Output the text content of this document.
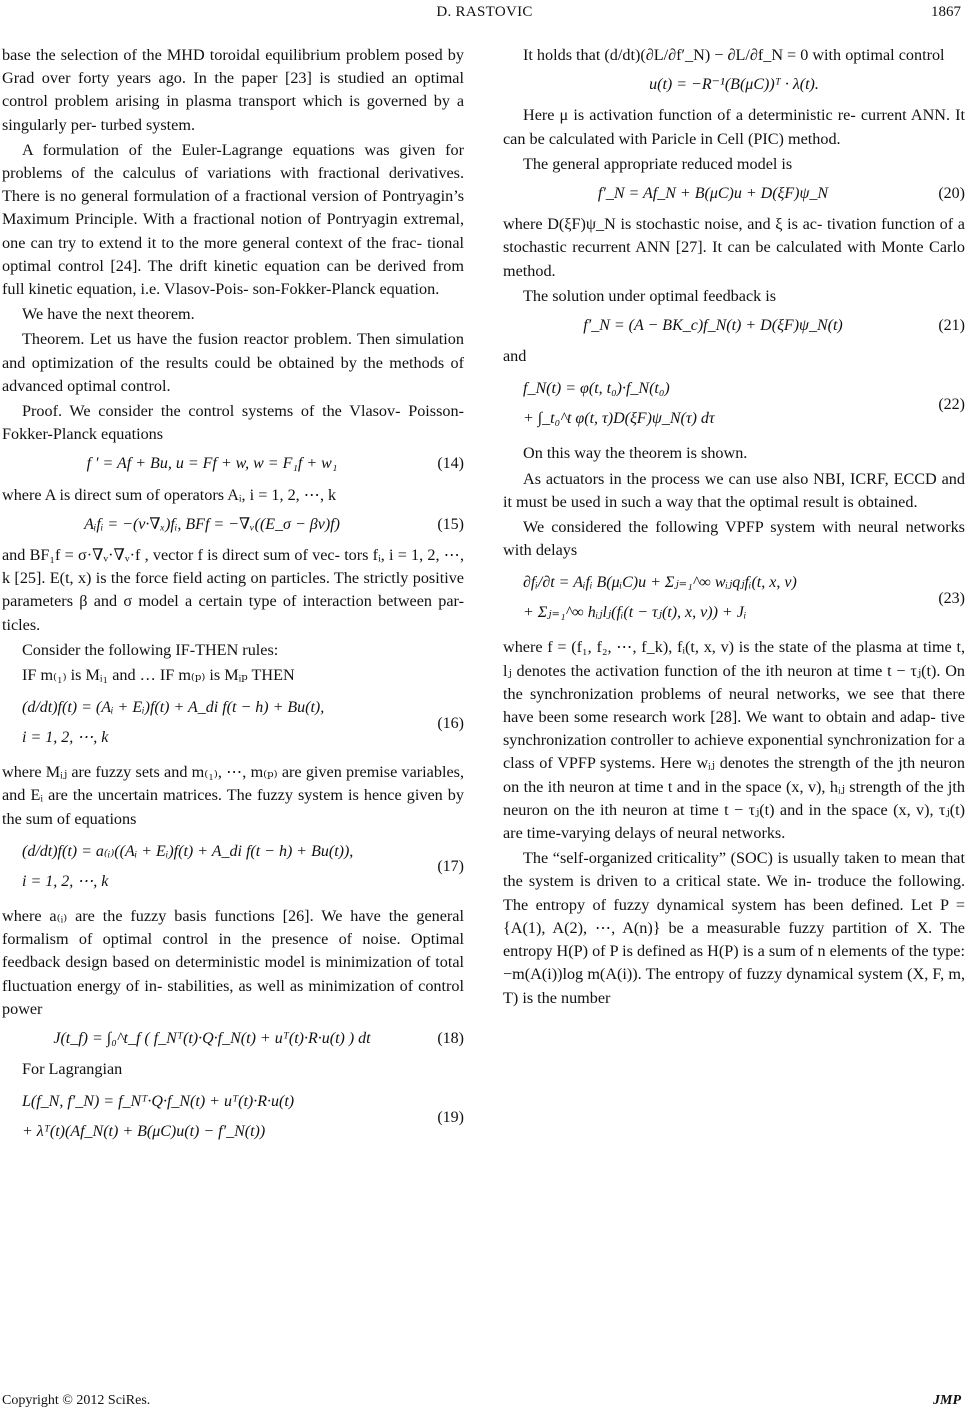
D. RASTOVIC	1867

base the selection of the MHD toroidal equilibrium problem posed by Grad over forty years ago. In the paper [23] is studied an optimal control problem arising in plasma transport which is governed by a singularly per- turbed system.

A formulation of the Euler-Lagrange equations was given for problems of the calculus of variations with fractional derivatives. There is no general formulation of a fractional version of Pontryagin’s Maximum Principle. With a fractional notion of Pontryagin extremal, one can try to extend it to the more general context of the frac- tional optimal control [24]. The drift kinetic equation can be derived from full kinetic equation, i.e. Vlasov-Pois- son-Fokker-Planck equation.

We have the next theorem.

Theorem. Let us have the fusion reactor problem. Then simulation and optimization of the results could be obtained by the methods of advanced optimal control.

Proof. We consider the control systems of the Vlasov- Poisson-Fokker-Planck equations

f ′ = Af + Bu, u = Ff + w, w = F₁f + w₁	(14)

where A is direct sum of operators Aᵢ, i = 1, 2, ⋯, k

Aᵢfᵢ = −(v·∇ₓ)fᵢ, BFf = −∇ᵥ((E_σ − βv)f)	(15)

and BF₁f = σ·∇ᵥ·∇ᵥ·f , vector f is direct sum of vec- tors fᵢ, i = 1, 2, ⋯, k [25]. E(t, x) is the force field acting on particles. The strictly positive parameters β and σ model a certain type of interaction between par- ticles.

Consider the following IF-THEN rules:

IF m₍₁₎ is Mᵢ₁ and … IF m₍ₚ₎ is Mᵢₚ THEN

(d/dt)f(t) = (Aᵢ + Eᵢ)f(t) + A_di f(t − h) + Bu(t),
i = 1, 2, ⋯, k
(16)

where Mᵢⱼ are fuzzy sets and m₍₁₎, ⋯, m₍ₚ₎ are given premise variables, and Eᵢ are the uncertain matrices. The fuzzy system is hence given by the sum of equations

(d/dt)f(t) = a₍ᵢ₎((Aᵢ + Eᵢ)f(t) + A_di f(t − h) + Bu(t)),
i = 1, 2, ⋯, k
(17)

where a₍ᵢ₎ are the fuzzy basis functions [26]. We have the general formalism of optimal control in the presence of noise. Optimal feedback design based on deterministic model is minimization of total fluctuation energy of in- stabilities, as well as minimization of control power

J(t_f) = ∫₀^t_f ( f_Nᵀ(t)·Q·f_N(t) + uᵀ(t)·R·u(t) ) dt	(18)

For Lagrangian

L(f_N, f′_N) = f_Nᵀ·Q·f_N(t) + uᵀ(t)·R·u(t)
+ λᵀ(t)(Af_N(t) + B(μC)u(t) − f′_N(t))
(19)

It holds that (d/dt)(∂L/∂f′_N) − ∂L/∂f_N = 0 with optimal control

u(t) = −R⁻¹(B(μC))ᵀ · λ(t).

Here μ is activation function of a deterministic re- current ANN. It can be calculated with Paricle in Cell (PIC) method.

The general appropriate reduced model is

f′_N = Af_N + B(μC)u + D(ξF)ψ_N	(20)

where D(ξF)ψ_N is stochastic noise, and ξ is ac- tivation function of a stochastic recurrent ANN [27]. It can be calculated with Monte Carlo method.

The solution under optimal feedback is

f′_N = (A − BK_c)f_N(t) + D(ξF)ψ_N(t)	(21)

and

f_N(t) = φ(t, t₀)·f_N(t₀)
+ ∫_t₀^t φ(t, τ)D(ξF)ψ_N(τ) dτ
(22)

On this way the theorem is shown.

As actuators in the process we can use also NBI, ICRF, ECCD and it must be used in such a way that the optimal result is obtained.

We considered the following VPFP system with neural networks with delays

∂fᵢ/∂t = Aᵢfᵢ B(μᵢC)u + Σⱼ₌₁^∞ wᵢⱼqⱼfᵢ(t, x, v)
+ Σⱼ₌₁^∞ hᵢⱼlⱼ(fᵢ(t − τⱼ(t), x, v)) + Jᵢ
(23)

where f = (f₁, f₂, ⋯, f_k), fᵢ(t, x, v) is the state of the plasma at time t, lⱼ denotes the activation function of the ith neuron at time t − τⱼ(t). On the synchronization problems of neural networks, we see that there have been some research work [28]. We want to obtain and adap- tive synchronization controller to achieve exponential synchronization for a class of VPFP systems. Here wᵢⱼ denotes the strength of the jth neuron on the ith neuron at time t and in the space (x, v), hᵢⱼ strength of the jth neuron on the ith neuron at time t − τⱼ(t) and in the space (x, v), τⱼ(t) are time-varying delays of neural networks.

The “self-organized criticality” (SOC) is usually taken to mean that the system is driven to a critical state. We in- troduce the following. The entropy of fuzzy dynamical system has been defined. Let P = {A(1), A(2), ⋯, A(n)} be a measurable fuzzy partition of X. The entropy H(P) of P is defined as H(P) is a sum of n elements of the type: −m(A(i))log m(A(i)). The entropy of fuzzy dynamical system (X, F, m, T) is the number

Copyright © 2012 SciRes.	JMP
